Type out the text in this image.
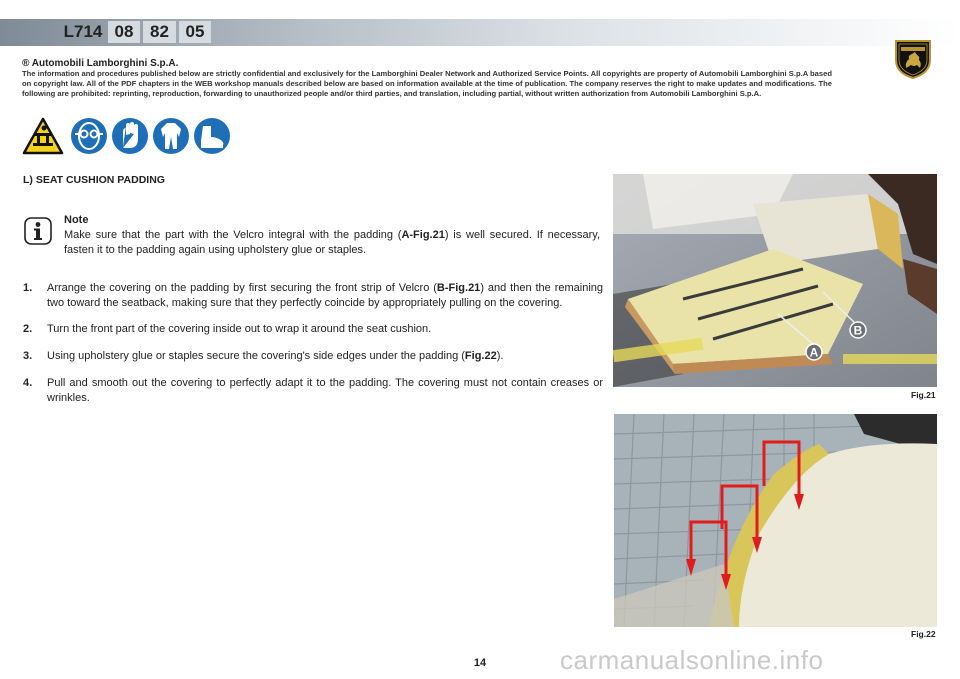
L714 08 82 05
® Automobili Lamborghini S.p.A.
The information and procedures published below are strictly confidential and exclusively for the Lamborghini Dealer Network and Authorized Service Points. All copyrights are property of Automobili Lamborghini S.p.A based on copyright law. All of the PDF chapters in the WEB workshop manuals described below are based on information available at the time of publication. The company reserves the right to make updates and modifications. The following are prohibited: reprinting, reproduction, forwarding to unauthorized people and/or third parties, and translation, including partial, without written authorization from Automobili Lamborghini S.p.A.
L) SEAT CUSHION PADDING
Note
Make sure that the part with the Velcro integral with the padding (A-Fig.21) is well secured. If necessary, fasten it to the padding again using upholstery glue or staples.
1. Arrange the covering on the padding by first securing the front strip of Velcro (B-Fig.21) and then the remaining two toward the seatback, making sure that they perfectly coincide by appropriately pulling on the covering.
2. Turn the front part of the covering inside out to wrap it around the seat cushion.
3. Using upholstery glue or staples secure the covering's side edges under the padding (Fig.22).
4. Pull and smooth out the covering to perfectly adapt it to the padding. The covering must not contain creases or wrinkles.
A
B
Fig.21
Fig.22
14	carmanualsonline.info
